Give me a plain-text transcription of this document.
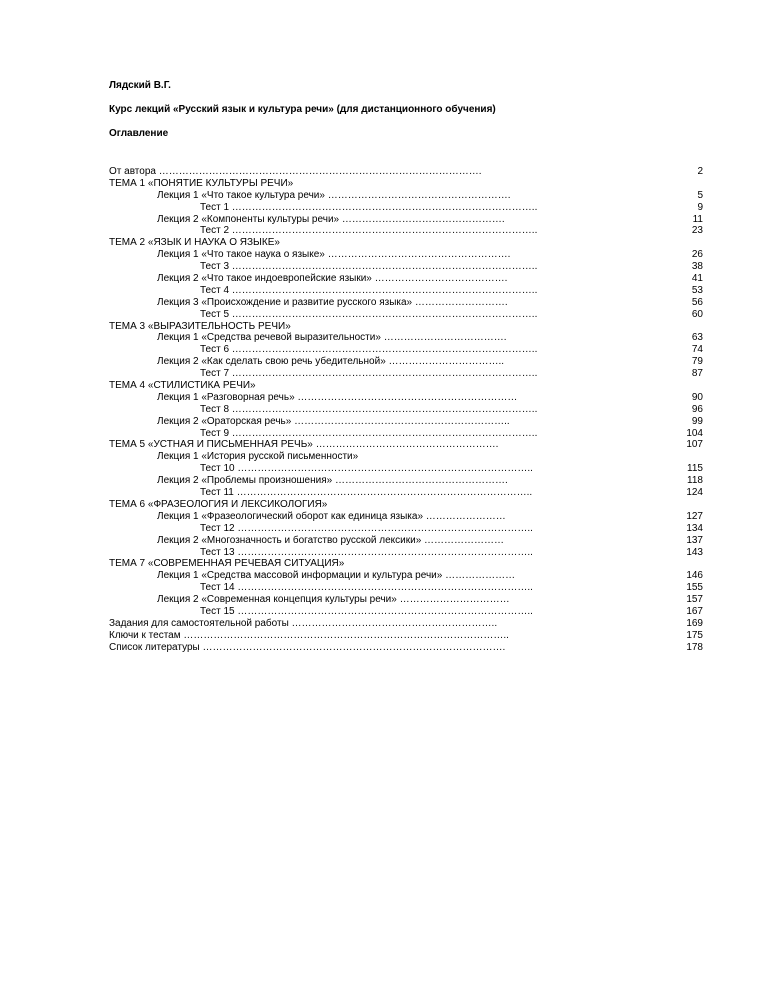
Лядский В.Г.
Курс лекций «Русский язык и культура речи» (для дистанционного обучения)
Оглавление
От автора …………………………………………………………………………………….	2
ТЕМА 1 «ПОНЯТИЕ КУЛЬТУРЫ РЕЧИ»
Лекция 1 «Что такое культура речи» ……………………………………………….	5
Тест 1 ………………………………………………………………………………..	9
Лекция 2 «Компоненты культуры речи» ………………………………………….	11
Тест 2 ………………………………………………………………………………..	23
ТЕМА 2 «ЯЗЫК И НАУКА О ЯЗЫКЕ»
Лекция 1 «Что такое наука о языке» ……………………………………………….	26
Тест 3 ………………………………………………………………………………..	38
Лекция 2 «Что такое индоевропейские языки» ………………………………….	41
Тест 4 ………………………………………………………………………………..	53
Лекция 3 «Происхождение и развитие русского языка» ……………………….	56
Тест 5 ………………………………………………………………………………..	60
ТЕМА 3 «ВЫРАЗИТЕЛЬНОСТЬ РЕЧИ»
Лекция 1 «Средства речевой выразительности» ……………………………….	63
Тест 6 ………………………………………………………………………………..	74
Лекция 2 «Как сделать свою речь убедительной» ……………………………..	79
Тест 7 ………………………………………………………………………………..	87
ТЕМА 4 «СТИЛИСТИКА РЕЧИ»
Лекция 1 «Разговорная речь» …………………………………………………………	90
Тест 8 ………………………………………………………………………………..	96
Лекция 2 «Ораторская речь» ………………………………………………………..	99
Тест 9 ………………………………………………………………………………..	104
ТЕМА 5 «УСТНАЯ И ПИСЬМЕННАЯ РЕЧЬ» ……………………………………………….	107
Лекция 1 «История русской письменности»
Тест 10 ……………………………………………………………………………..	115
Лекция 2 «Проблемы произношения» …………………………………………….	118
Тест 11 ……………………………………………………………………………..	124
ТЕМА 6 «ФРАЗЕОЛОГИЯ И ЛЕКСИКОЛОГИЯ»
Лекция 1 «Фразеологический оборот как единица языка» ……………………	127
Тест 12 ……………………………………………………………………………..	134
Лекция 2 «Многозначность и богатство русской лексики» ……………………	137
Тест 13 ……………………………………………………………………………..	143
ТЕМА 7 «СОВРЕМЕННАЯ РЕЧЕВАЯ СИТУАЦИЯ»
Лекция 1 «Средства массовой информации и культура речи» …………………	146
Тест 14 ……………………………………………………………………………..	155
Лекция 2 «Современная концепция культуры речи» ……………………………	157
Тест 15 ……………………………………………………………………………..	167
Задания для самостоятельной работы ……………………………………………………..	169
Ключи к тестам ……………………………………………………………………………………..	175
Список литературы ……………………………………………………………………………….	178
